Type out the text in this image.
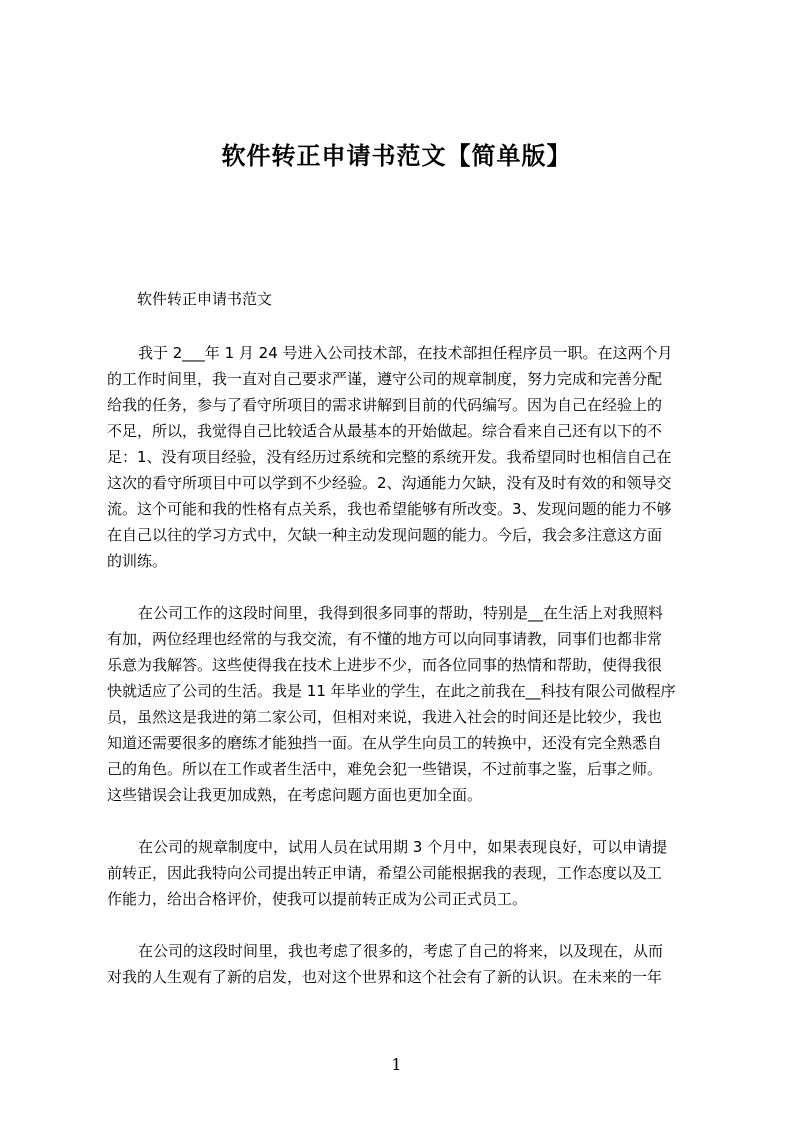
软件转正申请书范文【简单版】
软件转正申请书范文
我于 2___年 1 月 24 号进入公司技术部，在技术部担任程序员一职。在这两个月
的工作时间里，我一直对自己要求严谨，遵守公司的规章制度，努力完成和完善分配
给我的任务，参与了看守所项目的需求讲解到目前的代码编写。因为自己在经验上的
不足，所以，我觉得自己比较适合从最基本的开始做起。综合看来自己还有以下的不
足：1、没有项目经验，没有经历过系统和完整的系统开发。我希望同时也相信自己在
这次的看守所项目中可以学到不少经验。2、沟通能力欠缺，没有及时有效的和领导交
流。这个可能和我的性格有点关系，我也希望能够有所改变。3、发现问题的能力不够
在自己以往的学习方式中，欠缺一种主动发现问题的能力。今后，我会多注意这方面
的训练。
在公司工作的这段时间里，我得到很多同事的帮助，特别是__在生活上对我照料
有加，两位经理也经常的与我交流，有不懂的地方可以向同事请教，同事们也都非常
乐意为我解答。这些使得我在技术上进步不少，而各位同事的热情和帮助，使得我很
快就适应了公司的生活。我是 11 年毕业的学生，在此之前我在__科技有限公司做程序
员，虽然这是我进的第二家公司，但相对来说，我进入社会的时间还是比较少，我也
知道还需要很多的磨练才能独挡一面。在从学生向员工的转换中，还没有完全熟悉自
己的角色。所以在工作或者生活中，难免会犯一些错误，不过前事之鉴，后事之师。
这些错误会让我更加成熟，在考虑问题方面也更加全面。
在公司的规章制度中，试用人员在试用期 3 个月中，如果表现良好，可以申请提
前转正，因此我特向公司提出转正申请，希望公司能根据我的表现，工作态度以及工
作能力，给出合格评价，使我可以提前转正成为公司正式员工。
在公司的这段时间里，我也考虑了很多的，考虑了自己的将来，以及现在，从而
对我的人生观有了新的启发，也对这个世界和这个社会有了新的认识。在未来的一年
1
